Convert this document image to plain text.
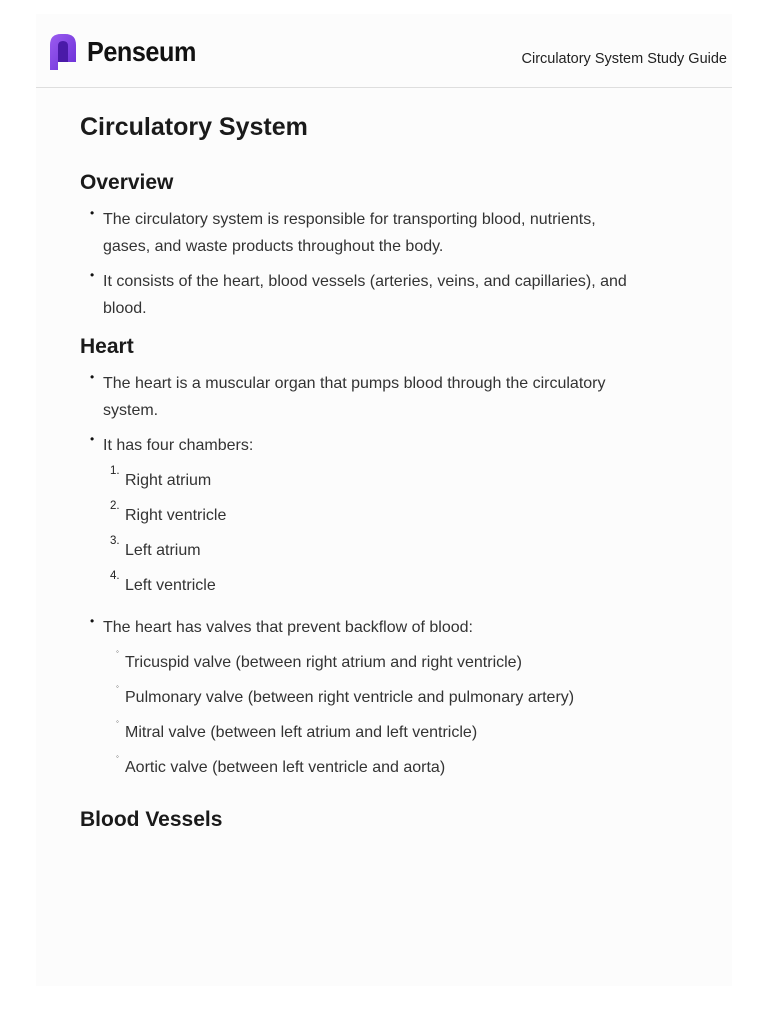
Penseum	Circulatory System Study Guide
Circulatory System
Overview
• The circulatory system is responsible for transporting blood, nutrients, gases, and waste products throughout the body.
• It consists of the heart, blood vessels (arteries, veins, and capillaries), and blood.
Heart
• The heart is a muscular organ that pumps blood through the circulatory system.
• It has four chambers:
1.
Right atrium
2.
Right ventricle
3.
Left atrium
4.
Left ventricle
• The heart has valves that prevent backflow of blood:
◦
Tricuspid valve (between right atrium and right ventricle)
◦
Pulmonary valve (between right ventricle and pulmonary artery)
◦
Mitral valve (between left atrium and left ventricle)
◦
Aortic valve (between left ventricle and aorta)
Blood Vessels
